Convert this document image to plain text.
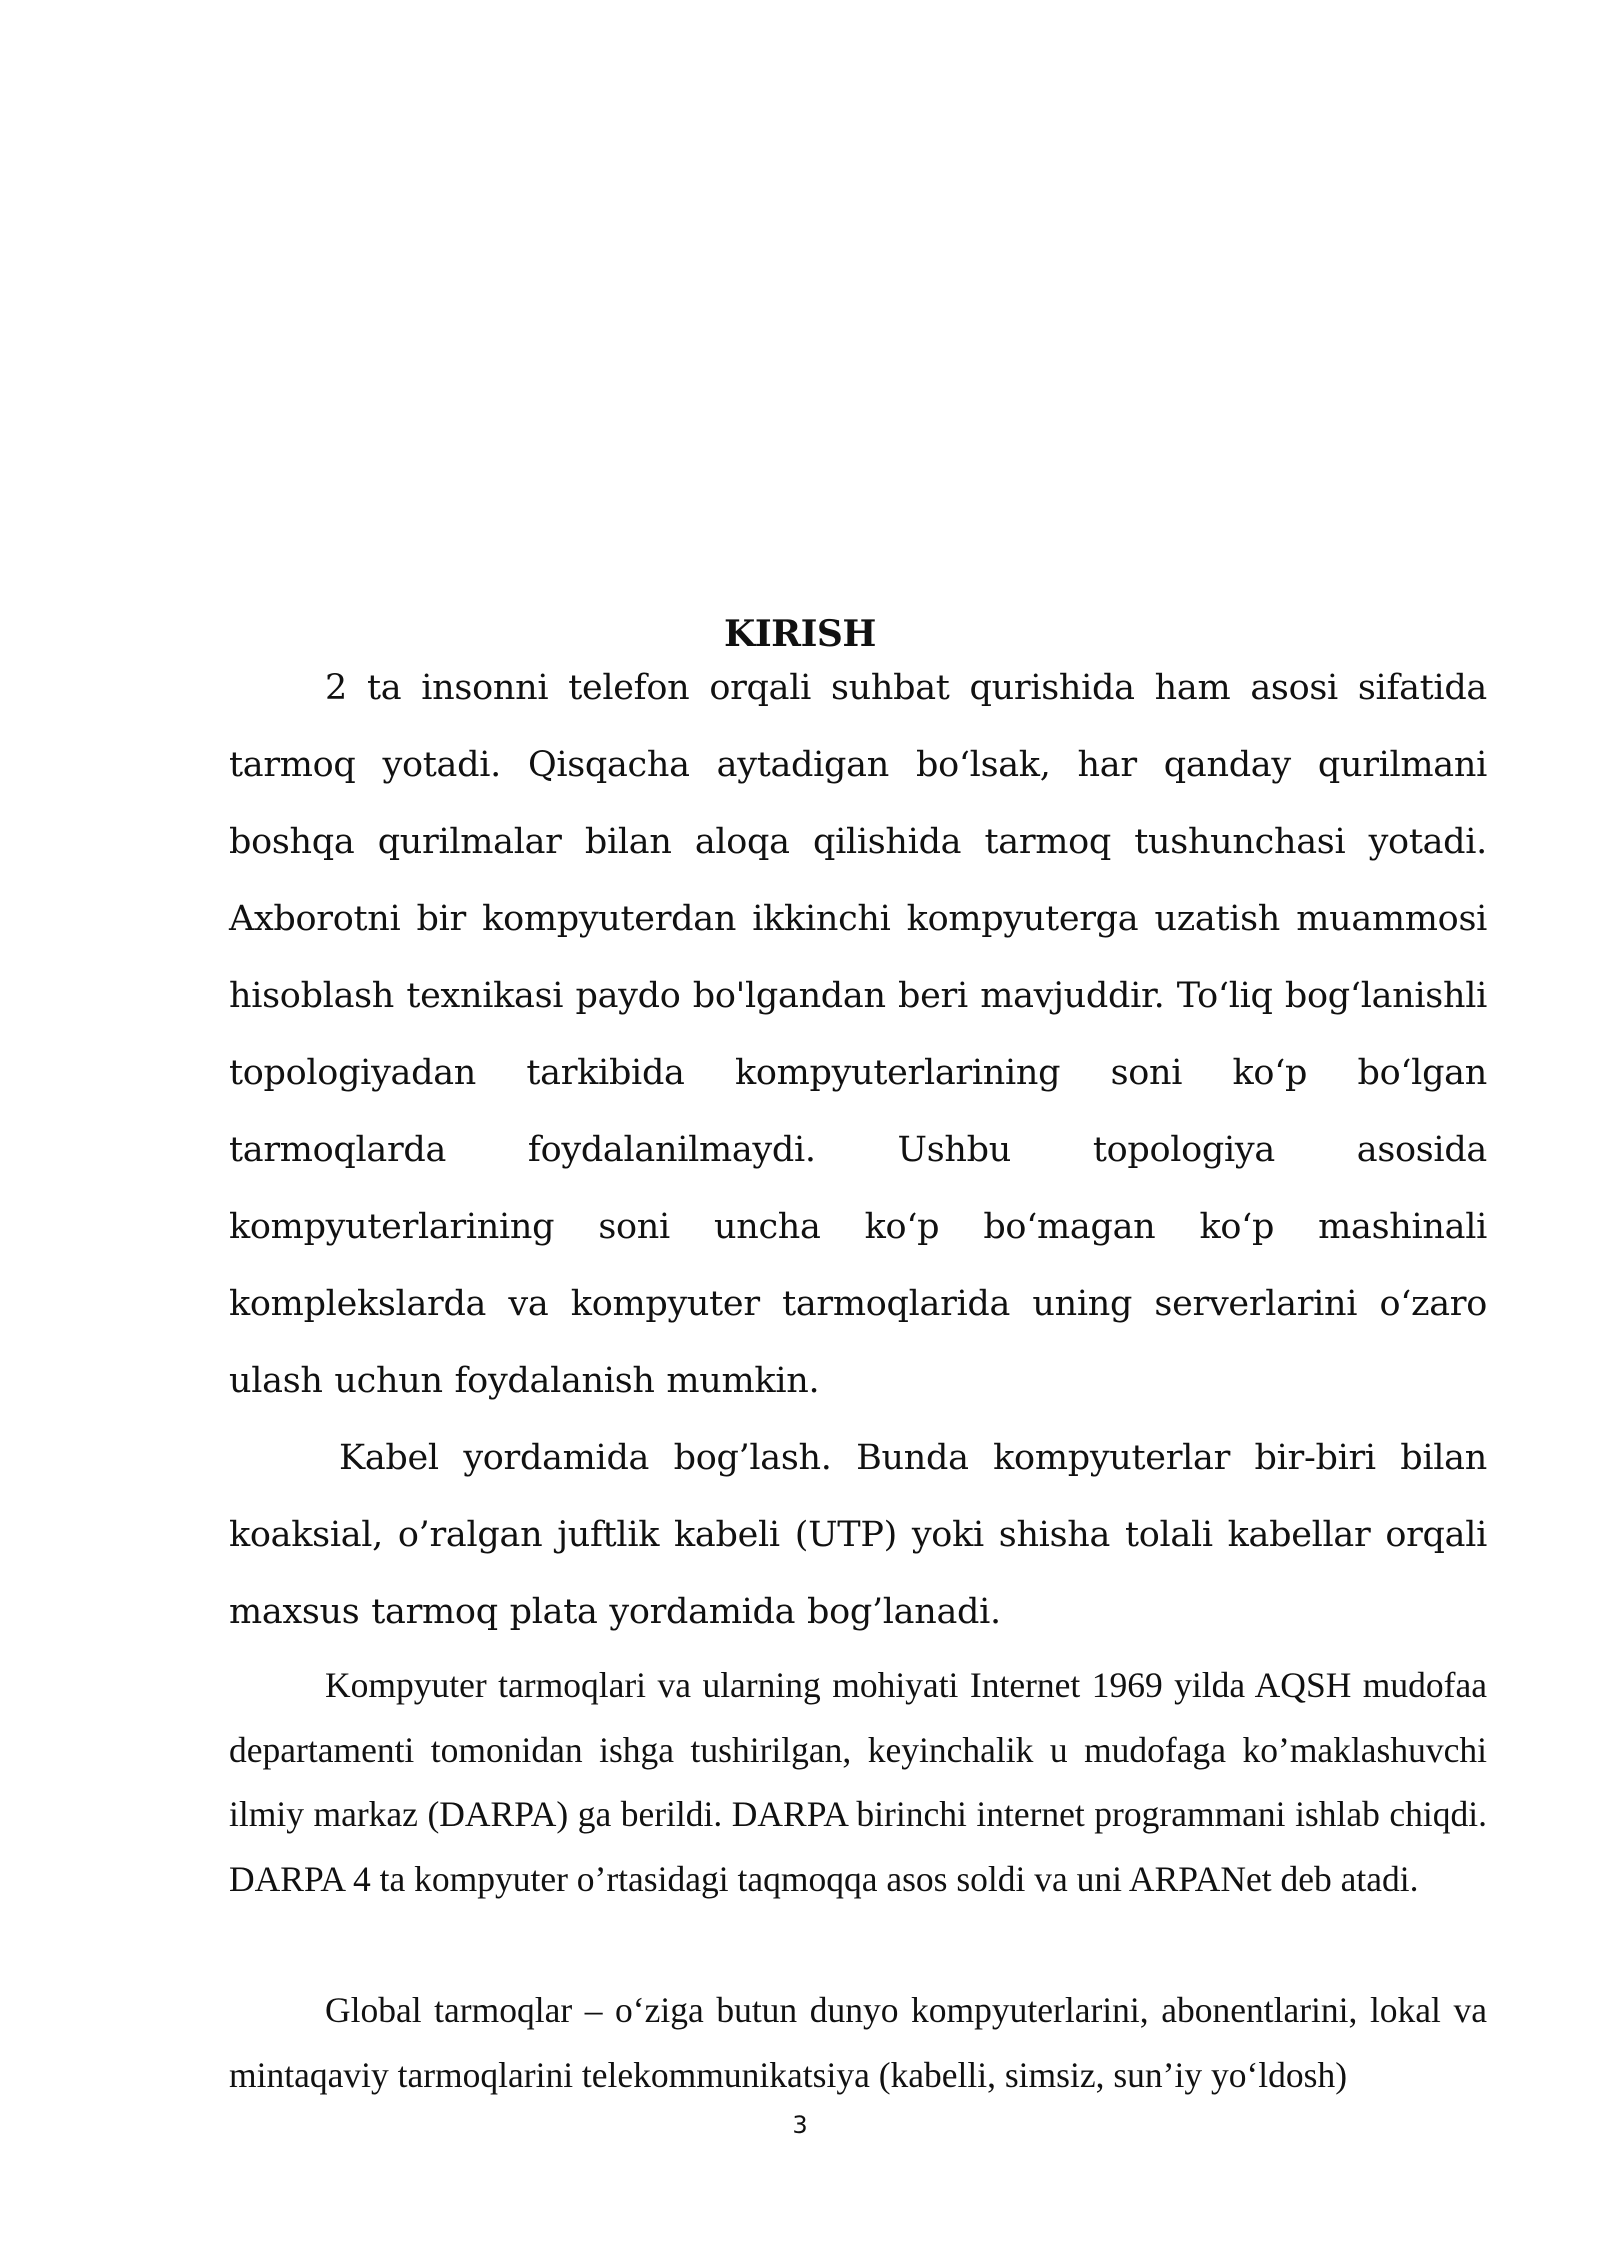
KIRISH

2 ta insonni telefon orqali suhbat qurishida ham asosi sifatida tarmoq yotadi. Qisqacha aytadigan bo‘lsak, har qanday qurilmani boshqa qurilmalar bilan aloqa qilishida tarmoq tushunchasi yotadi. Axborotni bir kompyuterdan ikkinchi kompyuterga uzatish muammosi hisoblash texnikasi paydo bo'lgandan beri mavjuddir. To‘liq bog‘lanishli topologiyadan tarkibida kompyuterlarining soni ko‘p bo‘lgan tarmoqlarda foydalanilmaydi. Ushbu topologiya asosida kompyuterlarining soni uncha ko‘p bo‘magan ko‘p mashinali komplekslarda va kompyuter tarmoqlarida uning serverlarini o‘zaro ulash uchun foydalanish mumkin.

Kabel yordamida bog’lash. Bunda kompyuterlar bir-biri bilan koaksial, o’ralgan juftlik kabeli (UTP) yoki shisha tolali kabellar orqali maxsus tarmoq plata yordamida bog’lanadi.

Kompyuter tarmoqlari va ularning mohiyati Internet 1969 yilda AQSH mudofaa departamenti tomonidan ishga tushirilgan, keyinchalik u mudofaga ko’maklashuvchi ilmiy markaz (DARPA) ga berildi. DARPA birinchi internet programmani ishlab chiqdi. DARPA 4 ta kompyuter o’rtasidagi taqmoqqa asos soldi va uni ARPANet deb atadi.

Global tarmoqlar – o‘ziga butun dunyo kompyuterlarini, abonentlarini, lokal va mintaqaviy tarmoqlarini telekommunikatsiya (kabelli, simsiz, sun’iy yo‘ldosh)

3
